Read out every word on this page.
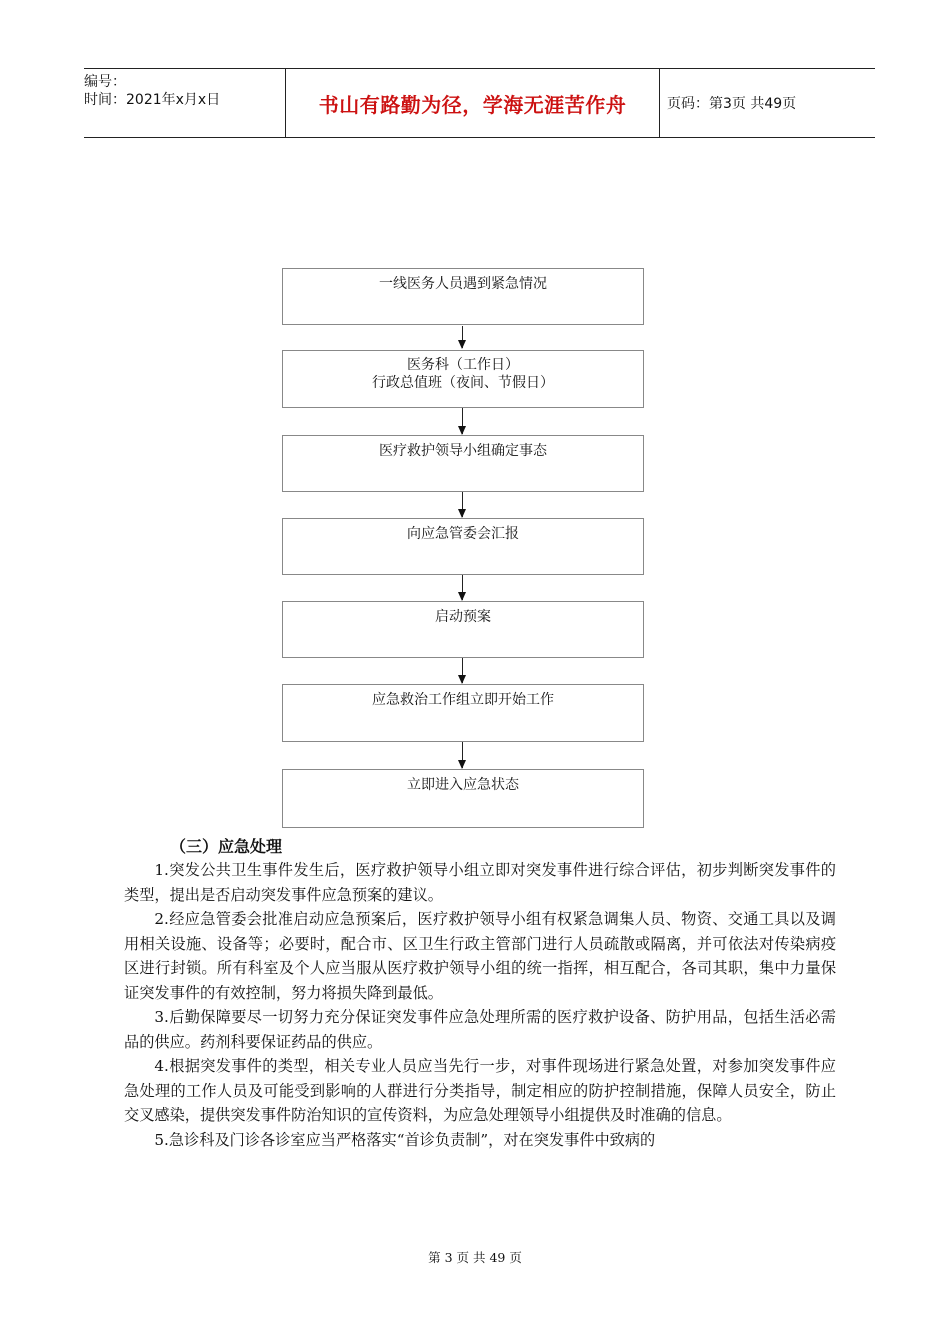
编号：
时间：2021年x月x日	书山有路勤为径，学海无涯苦作舟	页码：第3页 共49页
一线医务人员遇到紧急情况
医务科（工作日）
行政总值班（夜间、节假日）
医疗救护领导小组确定事态
向应急管委会汇报
启动预案
应急救治工作组立即开始工作
立即进入应急状态
（三）应急处理

1.突发公共卫生事件发生后，医疗救护领导小组立即对突发事件进行综合评估，初步判断突发事件的类型，提出是否启动突发事件应急预案的建议。

2.经应急管委会批准启动应急预案后，医疗救护领导小组有权紧急调集人员、物资、交通工具以及调用相关设施、设备等；必要时，配合市、区卫生行政主管部门进行人员疏散或隔离，并可依法对传染病疫区进行封锁。所有科室及个人应当服从医疗救护领导小组的统一指挥，相互配合，各司其职，集中力量保证突发事件的有效控制，努力将损失降到最低。

3.后勤保障要尽一切努力充分保证突发事件应急处理所需的医疗救护设备、防护用品，包括生活必需品的供应。药剂科要保证药品的供应。

4.根据突发事件的类型，相关专业人员应当先行一步，对事件现场进行紧急处置，对参加突发事件应急处理的工作人员及可能受到影响的人群进行分类指导，制定相应的防护控制措施，保障人员安全，防止交叉感染，提供突发事件防治知识的宣传资料，为应急处理领导小组提供及时准确的信息。

5.急诊科及门诊各诊室应当严格落实“首诊负责制”，对在突发事件中致病的

第 3 页 共 49 页
